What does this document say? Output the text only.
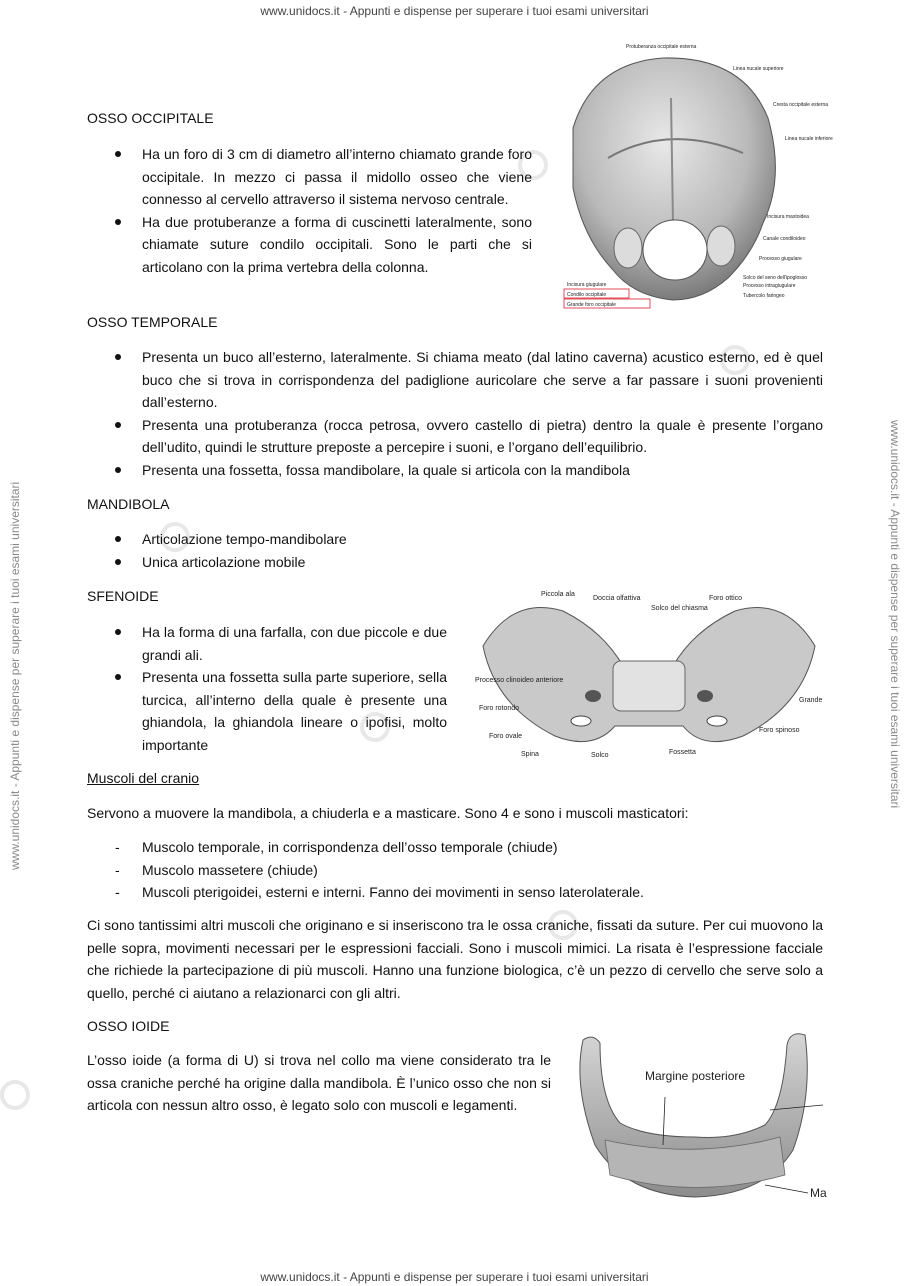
www.unidocs.it - Appunti e dispense per superare i tuoi esami universitari
www.unidocs.it - Appunti e dispense per superare i tuoi esami universitari
www.unidocs.it - Appunti e dispense per superare i tuoi esami universitari	www.unidocs.it - Appunti e dispense per superare i tuoi esami universitari
OSSO OCCIPITALE
Ha un foro di 3 cm di diametro all’interno chiamato grande foro occipitale. In mezzo ci passa il midollo osseo che viene connesso al cervello attraverso il sistema nervoso centrale.
Ha due protuberanze a forma di cuscinetti lateralmente, sono chiamate suture condilo occipitali. Sono le parti che si articolano con la prima vertebra della colonna.
Protuberanza occipitale esterna
Linea nucale superiore
Cresta occipitale esterna
Linea nucale inferiore
Incisura mastoidea
Canale condiloideo
Processo giugulare
Solco del seno dell'ipoglosso
Processo intragiugulare
Tubercolo faringeo
Incisura giugulare
Condilo occipitale
Grande foro occipitale
OSSO TEMPORALE
Presenta un buco all’esterno, lateralmente. Si chiama meato (dal latino caverna) acustico esterno, ed è quel buco che si trova in corrispondenza del padiglione auricolare che serve a far passare i suoni provenienti dall’esterno.
Presenta una protuberanza (rocca petrosa, ovvero castello di pietra) dentro la quale è presente l’organo dell’udito, quindi le strutture preposte a percepire i suoni, e l’organo dell’equilibrio.
Presenta una fossetta, fossa mandibolare, la quale si articola con la mandibola
MANDIBOLA
Articolazione tempo-mandibolare
Unica articolazione mobile
SFENOIDE
Ha la forma di una farfalla, con due piccole e due grandi ali.
Presenta una fossetta sulla parte superiore, sella turcica, all’interno della quale è presente una ghiandola, la ghiandola lineare o ipofisi, molto importante
Piccola ala
Doccia olfattiva
Solco del chiasma
Foro ottico
Processo clinoideo anteriore
Foro rotondo
Foro ovale
Spina	Solco	Fossetta
Foro spinoso
Grande
Muscoli del cranio

Servono a muovere la mandibola, a chiuderla e a masticare. Sono 4 e sono i muscoli masticatori:

- Muscolo temporale, in corrispondenza dell’osso temporale (chiude)
- Muscolo massetere (chiude)
- Muscoli pterigoidei, esterni e interni. Fanno dei movimenti in senso laterolaterale.

Ci sono tantissimi altri muscoli che originano e si inseriscono tra le ossa craniche, fissati da suture. Per cui muovono la pelle sopra, movimenti necessari per le espressioni facciali. Sono i muscoli mimici. La risata è l’espressione facciale che richiede la partecipazione di più muscoli. Hanno una funzione biologica, c’è un pezzo di cervello che serve solo a quello, perché ci aiutano a relazionarci con gli altri.

OSSO IOIDE

L’osso ioide (a forma di U) si trova nel collo ma viene considerato tra le ossa craniche perché ha origine dalla mandibola. È l’unico osso che non si articola con nessun altro osso, è legato solo con muscoli e legamenti.

Margine posteriore
Ma
